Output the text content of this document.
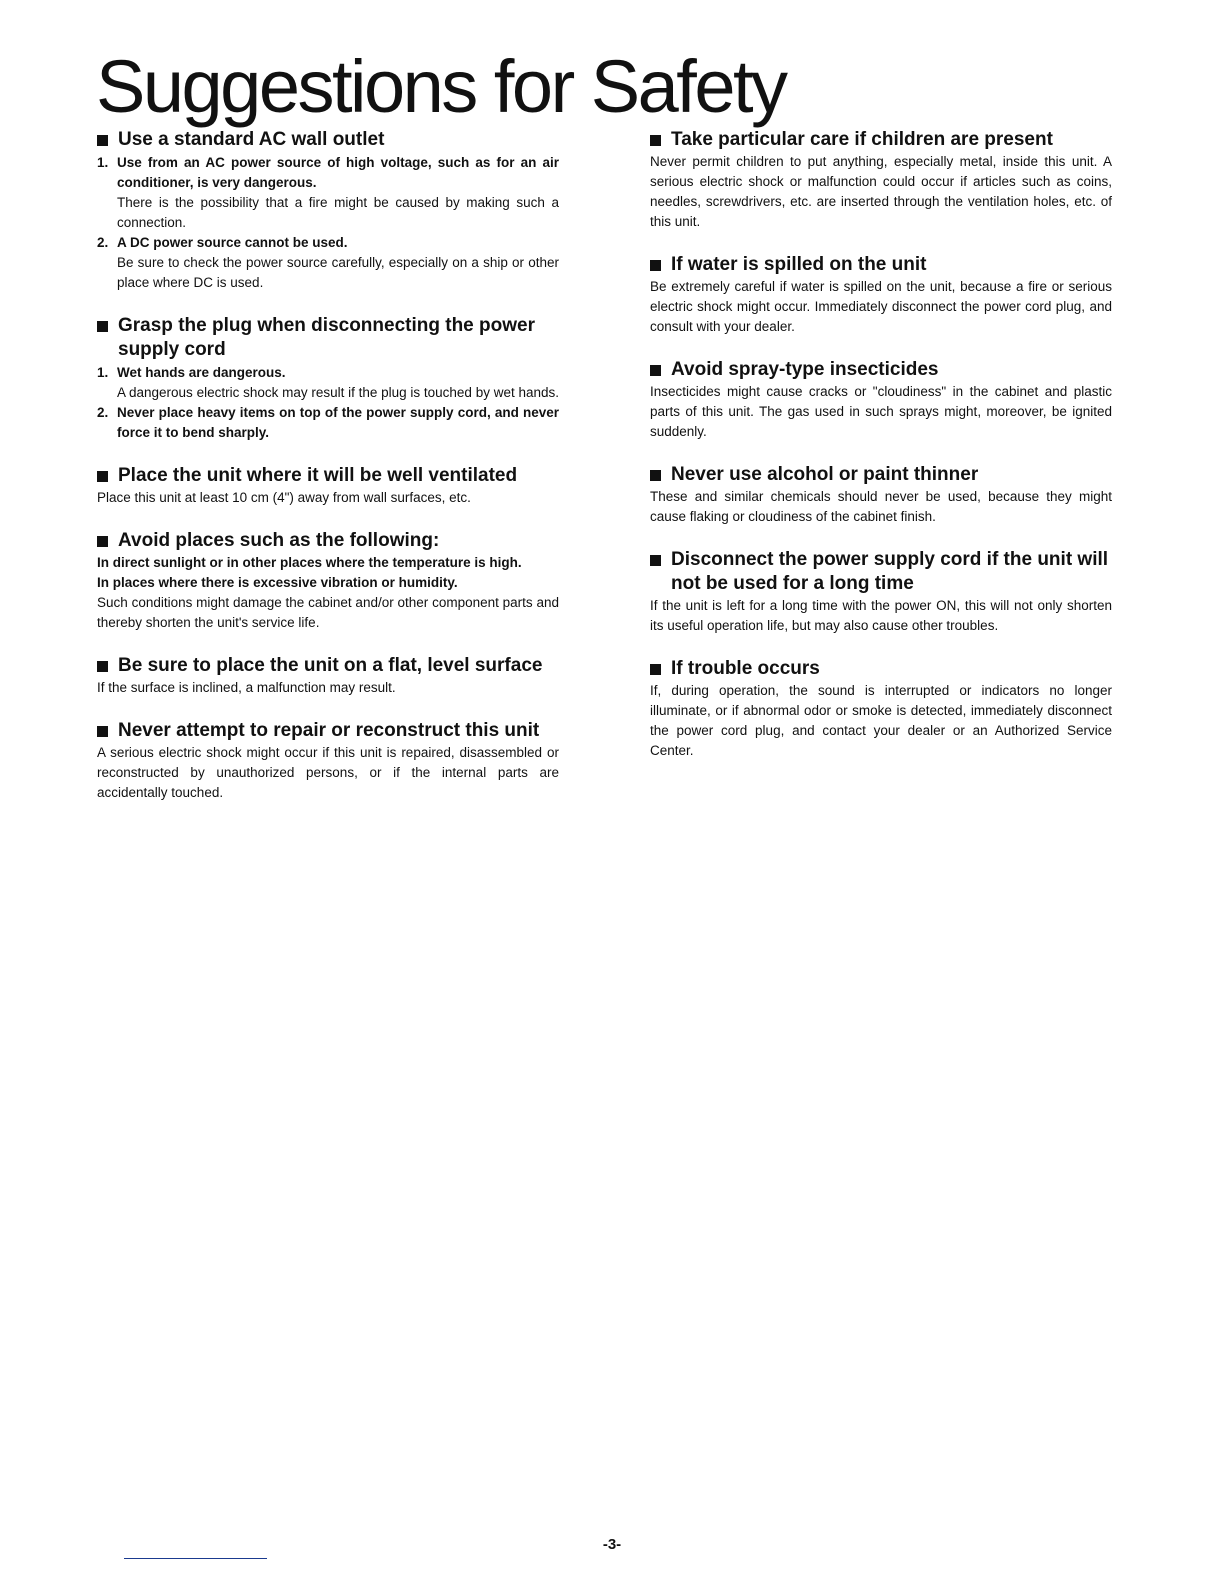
Suggestions for Safety
Use a standard AC wall outlet
1. Use from an AC power source of high voltage, such as for an air conditioner, is very dangerous.

There is the possibility that a fire might be caused by making such a connection.

2. A DC power source cannot be used.

Be sure to check the power source carefully, especially on a ship or other place where DC is used.

Grasp the plug when disconnecting the power supply cord
1. Wet hands are dangerous.

A dangerous electric shock may result if the plug is touched by wet hands.

2. Never place heavy items on top of the power supply cord, and never force it to bend sharply.

Place the unit where it will be well ventilated

Place this unit at least 10 cm (4") away from wall surfaces, etc.

Avoid places such as the following:

In direct sunlight or in other places where the temperature is high.

In places where there is excessive vibration or humidity.

Such conditions might damage the cabinet and/or other component parts and thereby shorten the unit's service life.

Be sure to place the unit on a flat, level surface

If the surface is inclined, a malfunction may result.

Never attempt to repair or reconstruct this unit

A serious electric shock might occur if this unit is repaired, disassembled or reconstructed by unauthorized persons, or if the internal parts are accidentally touched.

Take particular care if children are present

Never permit children to put anything, especially metal, inside this unit. A serious electric shock or malfunction could occur if articles such as coins, needles, screwdrivers, etc. are inserted through the ventilation holes, etc. of this unit.

If water is spilled on the unit

Be extremely careful if water is spilled on the unit, because a fire or serious electric shock might occur. Immediately disconnect the power cord plug, and consult with your dealer.

Avoid spray-type insecticides

Insecticides might cause cracks or "cloudiness" in the cabinet and plastic parts of this unit. The gas used in such sprays might, moreover, be ignited suddenly.

Never use alcohol or paint thinner

These and similar chemicals should never be used, because they might cause flaking or cloudiness of the cabinet finish.

Disconnect the power supply cord if the unit will not be used for a long time

If the unit is left for a long time with the power ON, this will not only shorten its useful operation life, but may also cause other troubles.

If trouble occurs

If, during operation, the sound is interrupted or indicators no longer illuminate, or if abnormal odor or smoke is detected, immediately disconnect the power cord plug, and contact your dealer or an Authorized Service Center.

-3-
